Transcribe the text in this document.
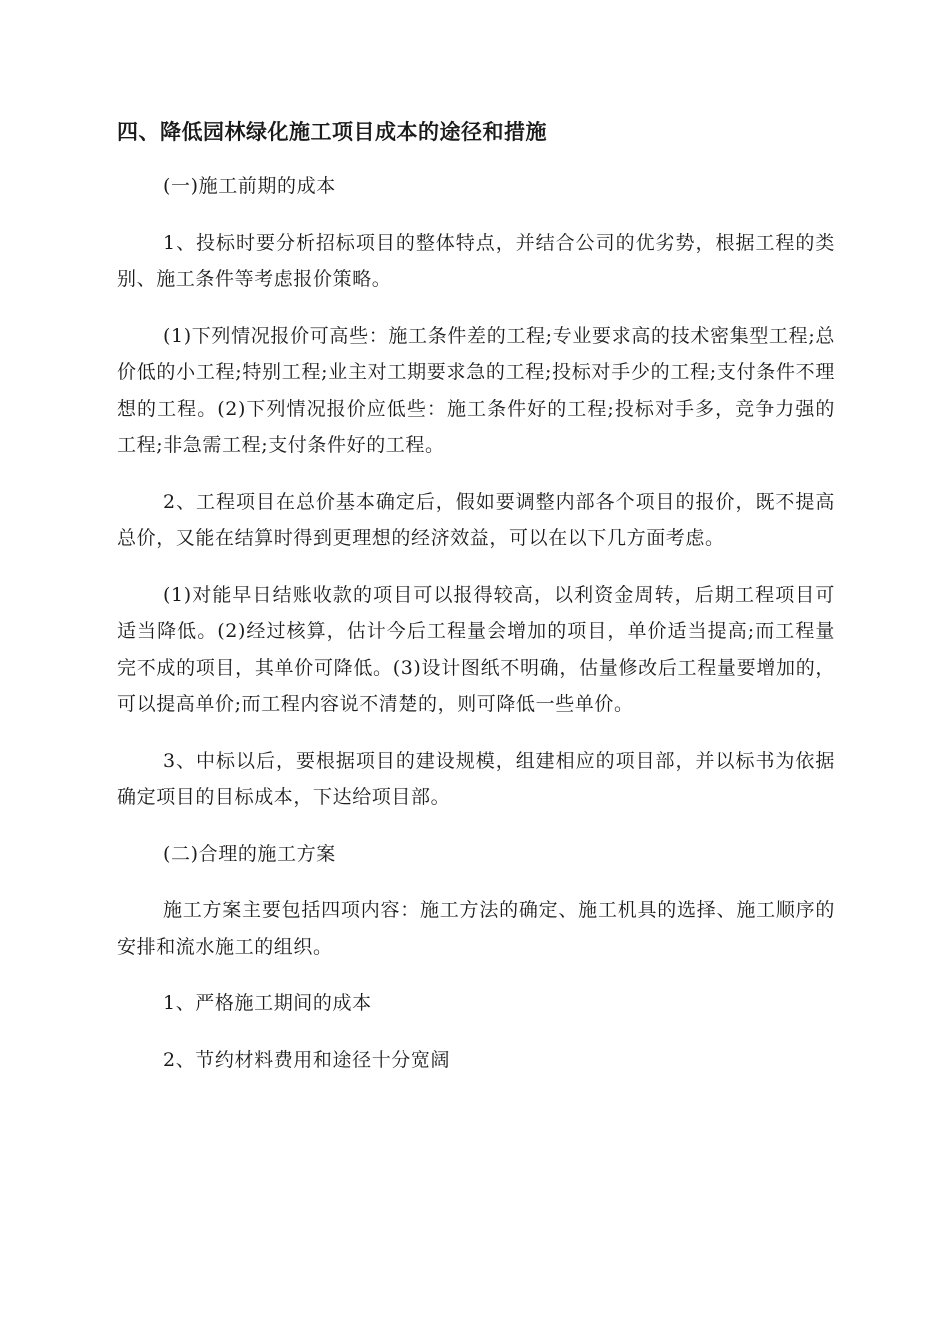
四、降低园林绿化施工项目成本的途径和措施

(一)施工前期的成本

1、投标时要分析招标项目的整体特点，并结合公司的优劣势，根据工程的类别、施工条件等考虑报价策略。

(1)下列情况报价可高些：施工条件差的工程;专业要求高的技术密集型工程;总价低的小工程;特别工程;业主对工期要求急的工程;投标对手少的工程;支付条件不理想的工程。(2)下列情况报价应低些：施工条件好的工程;投标对手多，竞争力强的工程;非急需工程;支付条件好的工程。

2、工程项目在总价基本确定后，假如要调整内部各个项目的报价，既不提高总价，又能在结算时得到更理想的经济效益，可以在以下几方面考虑。

(1)对能早日结账收款的项目可以报得较高，以利资金周转，后期工程项目可适当降低。(2)经过核算，估计今后工程量会增加的项目，单价适当提高;而工程量完不成的项目，其单价可降低。(3)设计图纸不明确，估量修改后工程量要增加的，可以提高单价;而工程内容说不清楚的，则可降低一些单价。

3、中标以后，要根据项目的建设规模，组建相应的项目部，并以标书为依据确定项目的目标成本，下达给项目部。

(二)合理的施工方案

施工方案主要包括四项内容：施工方法的确定、施工机具的选择、施工顺序的安排和流水施工的组织。

1、严格施工期间的成本

2、节约材料费用和途径十分宽阔
